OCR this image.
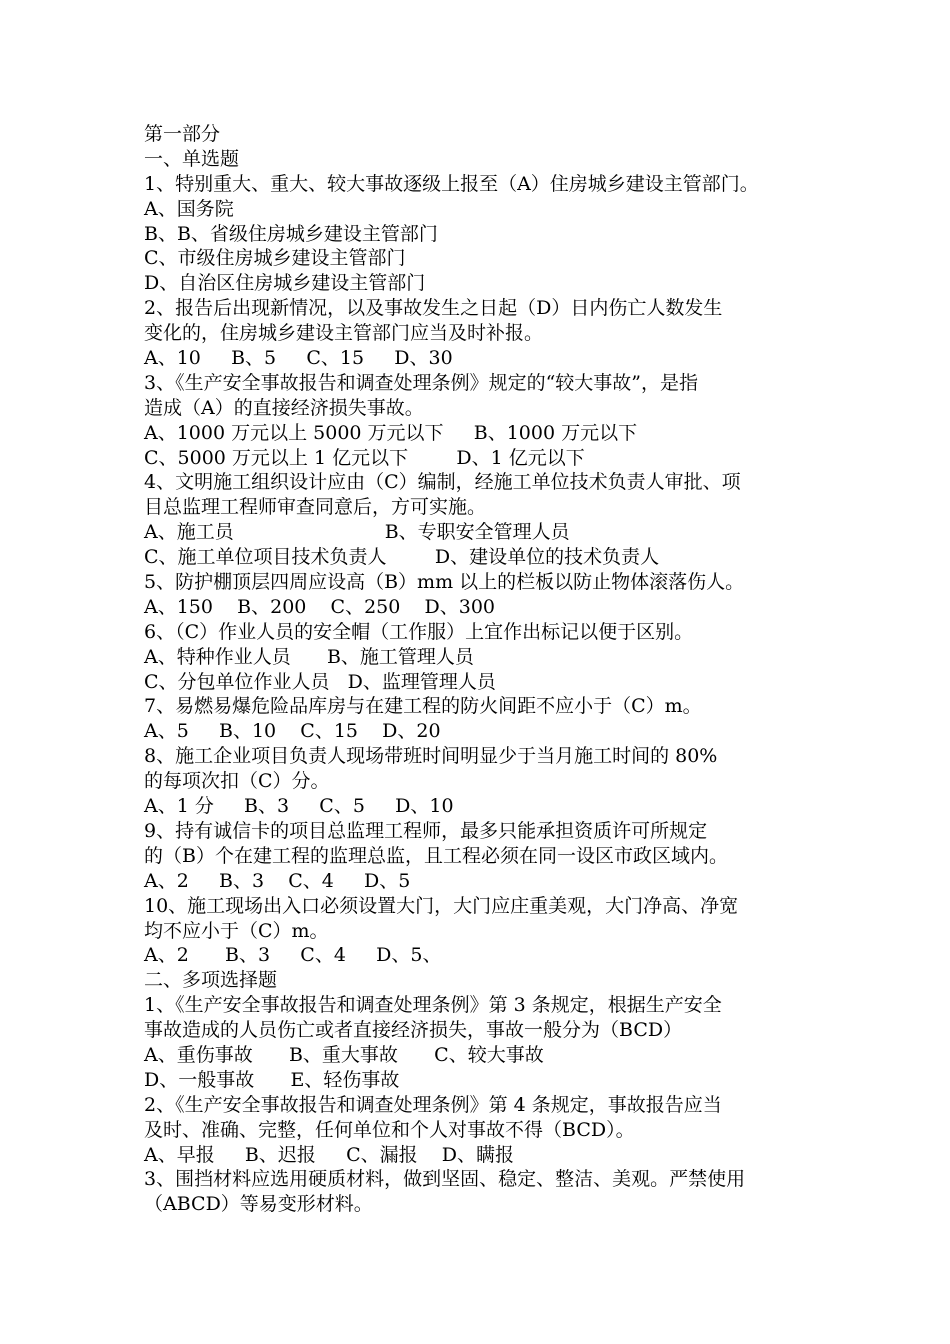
第一部分
一、单选题
1、特别重大、重大、较大事故逐级上报至（A）住房城乡建设主管部门。
A、国务院
B、B、省级住房城乡建设主管部门
C、市级住房城乡建设主管部门
D、自治区住房城乡建设主管部门
2、报告后出现新情况，以及事故发生之日起（D）日内伤亡人数发生
变化的，住房城乡建设主管部门应当及时补报。
A、10     B、5     C、15     D、30
3、《生产安全事故报告和调查处理条例》规定的“较大事故”，是指
造成（A）的直接经济损失事故。
A、1000 万元以上 5000 万元以下     B、1000 万元以下
C、5000 万元以上 1 亿元以下        D、1 亿元以下
4、文明施工组织设计应由（C）编制，经施工单位技术负责人审批、项
目总监理工程师审查同意后，方可实施。
A、施工员                         B、专职安全管理人员
C、施工单位项目技术负责人        D、建设单位的技术负责人
5、防护棚顶层四周应设高（B）mm 以上的栏板以防止物体滚落伤人。
A、150    B、200    C、250    D、300
6、（C）作业人员的安全帽（工作服）上宜作出标记以便于区别。
A、特种作业人员      B、施工管理人员
C、分包单位作业人员   D、监理管理人员
7、易燃易爆危险品库房与在建工程的防火间距不应小于（C）m。
A、5     B、10    C、15    D、20
8、施工企业项目负责人现场带班时间明显少于当月施工时间的 80%
的每项次扣（C）分。
A、1 分     B、3     C、5     D、10
9、持有诚信卡的项目总监理工程师，最多只能承担资质许可所规定
的（B）个在建工程的监理总监，且工程必须在同一设区市政区域内。
A、2     B、3    C、4     D、5
10、施工现场出入口必须设置大门，大门应庄重美观，大门净高、净宽
均不应小于（C）m。
A、2      B、3     C、4     D、5、
二、多项选择题
1、《生产安全事故报告和调查处理条例》第 3 条规定，根据生产安全
事故造成的人员伤亡或者直接经济损失，事故一般分为（BCD）
A、重伤事故      B、重大事故      C、较大事故
D、一般事故      E、轻伤事故
2、《生产安全事故报告和调查处理条例》第 4 条规定，事故报告应当
及时、准确、完整，任何单位和个人对事故不得（BCD）。
A、早报     B、迟报     C、漏报    D、瞒报
3、围挡材料应选用硬质材料，做到坚固、稳定、整洁、美观。严禁使用
（ABCD）等易变形材料。
